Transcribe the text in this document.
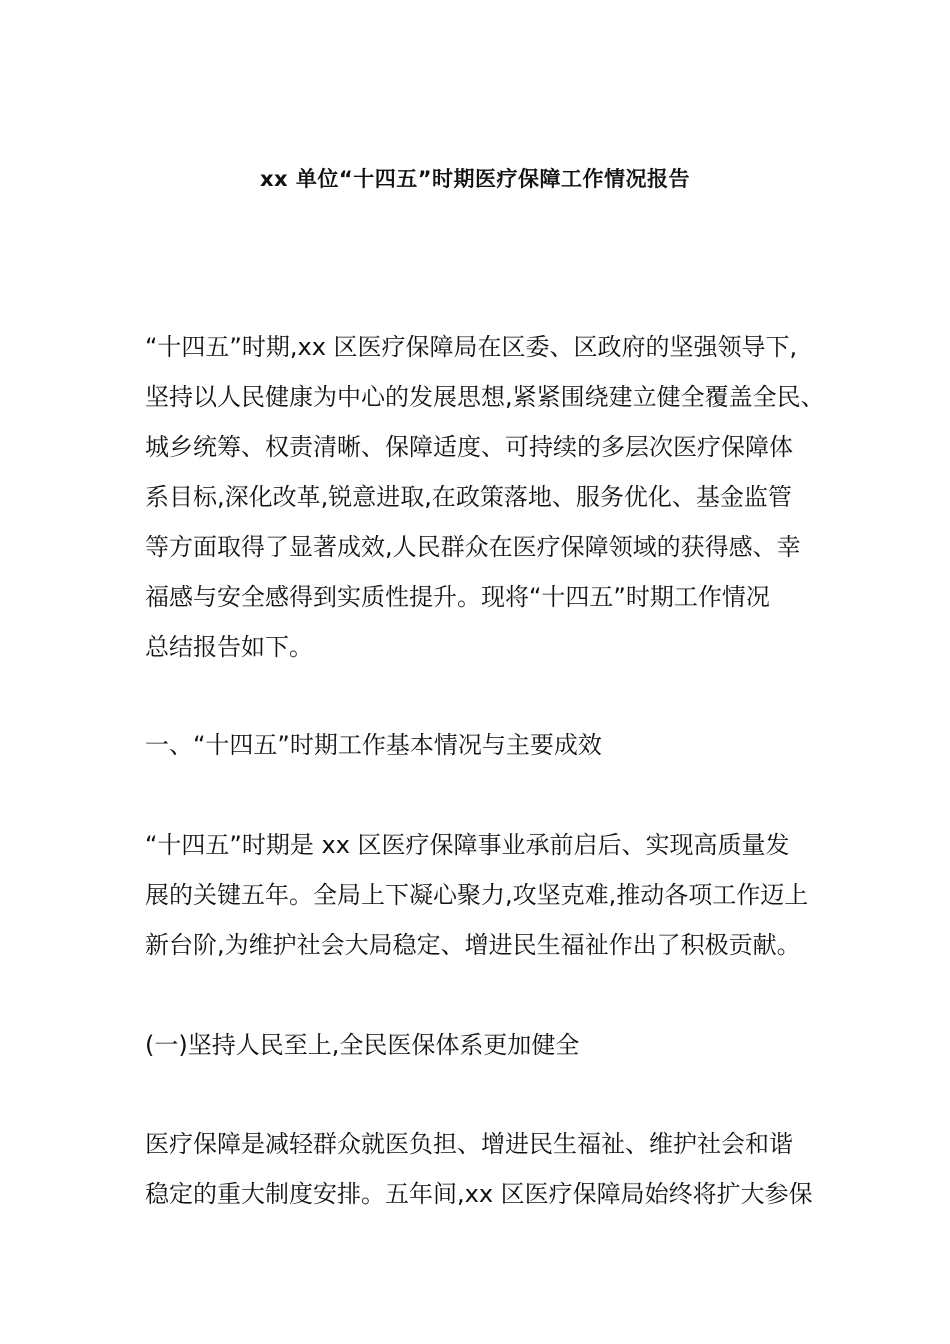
xx 单位“十四五”时期医疗保障工作情况报告
“十四五”时期,xx 区医疗保障局在区委、区政府的坚强领导下,
坚持以人民健康为中心的发展思想,紧紧围绕建立健全覆盖全民、
城乡统筹、权责清晰、保障适度、可持续的多层次医疗保障体
系目标,深化改革,锐意进取,在政策落地、服务优化、基金监管
等方面取得了显著成效,人民群众在医疗保障领域的获得感、幸
福感与安全感得到实质性提升。现将“十四五”时期工作情况
总结报告如下。
一、“十四五”时期工作基本情况与主要成效
“十四五”时期是 xx 区医疗保障事业承前启后、实现高质量发
展的关键五年。全局上下凝心聚力,攻坚克难,推动各项工作迈上
新台阶,为维护社会大局稳定、增进民生福祉作出了积极贡献。
(一)坚持人民至上,全民医保体系更加健全
医疗保障是减轻群众就医负担、增进民生福祉、维护社会和谐
稳定的重大制度安排。五年间,xx 区医疗保障局始终将扩大参保
